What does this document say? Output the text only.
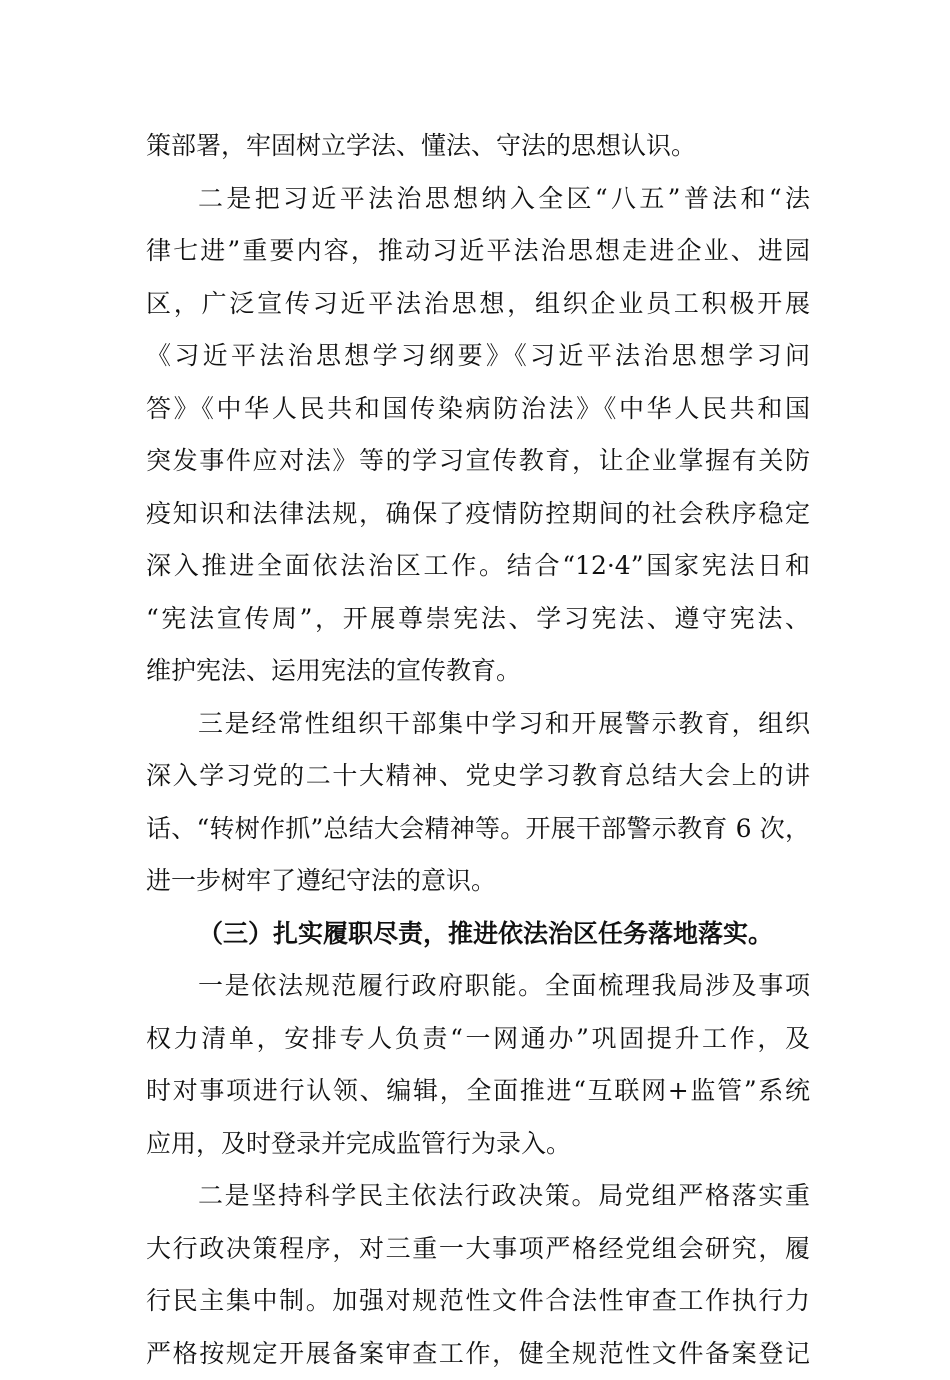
策部署，牢固树立学法、懂法、守法的思想认识。
二是把习近平法治思想纳入全区“八五”普法和“法
律七进”重要内容，推动习近平法治思想走进企业、进园
区，广泛宣传习近平法治思想，组织企业员工积极开展
《习近平法治思想学习纲要》《习近平法治思想学习问
答》《中华人民共和国传染病防治法》《中华人民共和国
突发事件应对法》等的学习宣传教育，让企业掌握有关防
疫知识和法律法规，确保了疫情防控期间的社会秩序稳定
深入推进全面依法治区工作。结合“12·4”国家宪法日和
“宪法宣传周”，开展尊崇宪法、学习宪法、遵守宪法、
维护宪法、运用宪法的宣传教育。
三是经常性组织干部集中学习和开展警示教育，组织
深入学习党的二十大精神、党史学习教育总结大会上的讲
话、“转树作抓”总结大会精神等。开展干部警示教育 6 次，
进一步树牢了遵纪守法的意识。
（三）扎实履职尽责，推进依法治区任务落地落实。
一是依法规范履行政府职能。全面梳理我局涉及事项
权力清单，安排专人负责“一网通办”巩固提升工作，及
时对事项进行认领、编辑，全面推进“互联网+监管”系统
应用，及时登录并完成监管行为录入。
二是坚持科学民主依法行政决策。局党组严格落实重
大行政决策程序，对三重一大事项严格经党组会研究，履
行民主集中制。加强对规范性文件合法性审查工作执行力
严格按规定开展备案审查工作，健全规范性文件备案登记
